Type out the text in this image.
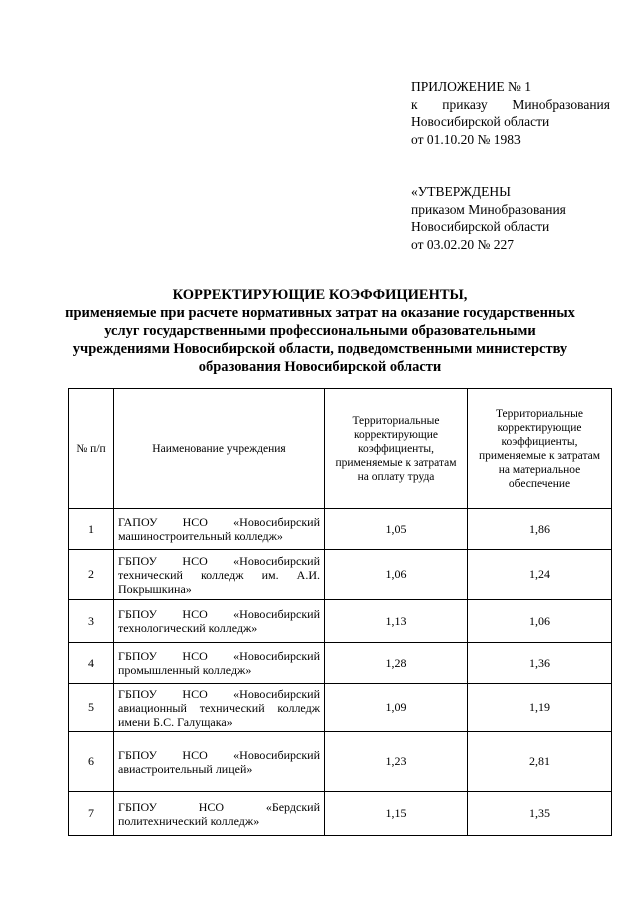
ПРИЛОЖЕНИЕ № 1
к приказу Минобразования
Новосибирской области
от 01.10.20 № 1983
«УТВЕРЖДЕНЫ
приказом Минобразования
Новосибирской области
от 03.02.20 № 227
КОРРЕКТИРУЮЩИЕ КОЭФФИЦИЕНТЫ,
применяемые при расчете нормативных затрат на оказание государственных
услуг государственными профессиональными образовательными
учреждениями Новосибирской области, подведомственными министерству
образования Новосибирской области
№ п/п	Наименование учреждения	Территориальные корректирующие коэффициенты, применяемые к затратам на оплату труда	Территориальные корректирующие коэффициенты, применяемые к затратам на материальное обеспечение
1	ГАПОУ НСО «Новосибирский
машиностроительный колледж»	1,05	1,86
2	ГБПОУ НСО «Новосибирский
технический колледж им. А.И.
Покрышкина»	1,06	1,24
3	ГБПОУ НСО «Новосибирский
технологический колледж»	1,13	1,06
4	ГБПОУ НСО «Новосибирский
промышленный колледж»	1,28	1,36
5	ГБПОУ НСО «Новосибирский
авиационный технический колледж
имени Б.С. Галущака»	1,09	1,19
6	ГБПОУ НСО «Новосибирский
авиастроительный лицей»	1,23	2,81
7	ГБПОУ НСО «Бердский
политехнический колледж»	1,15	1,35
